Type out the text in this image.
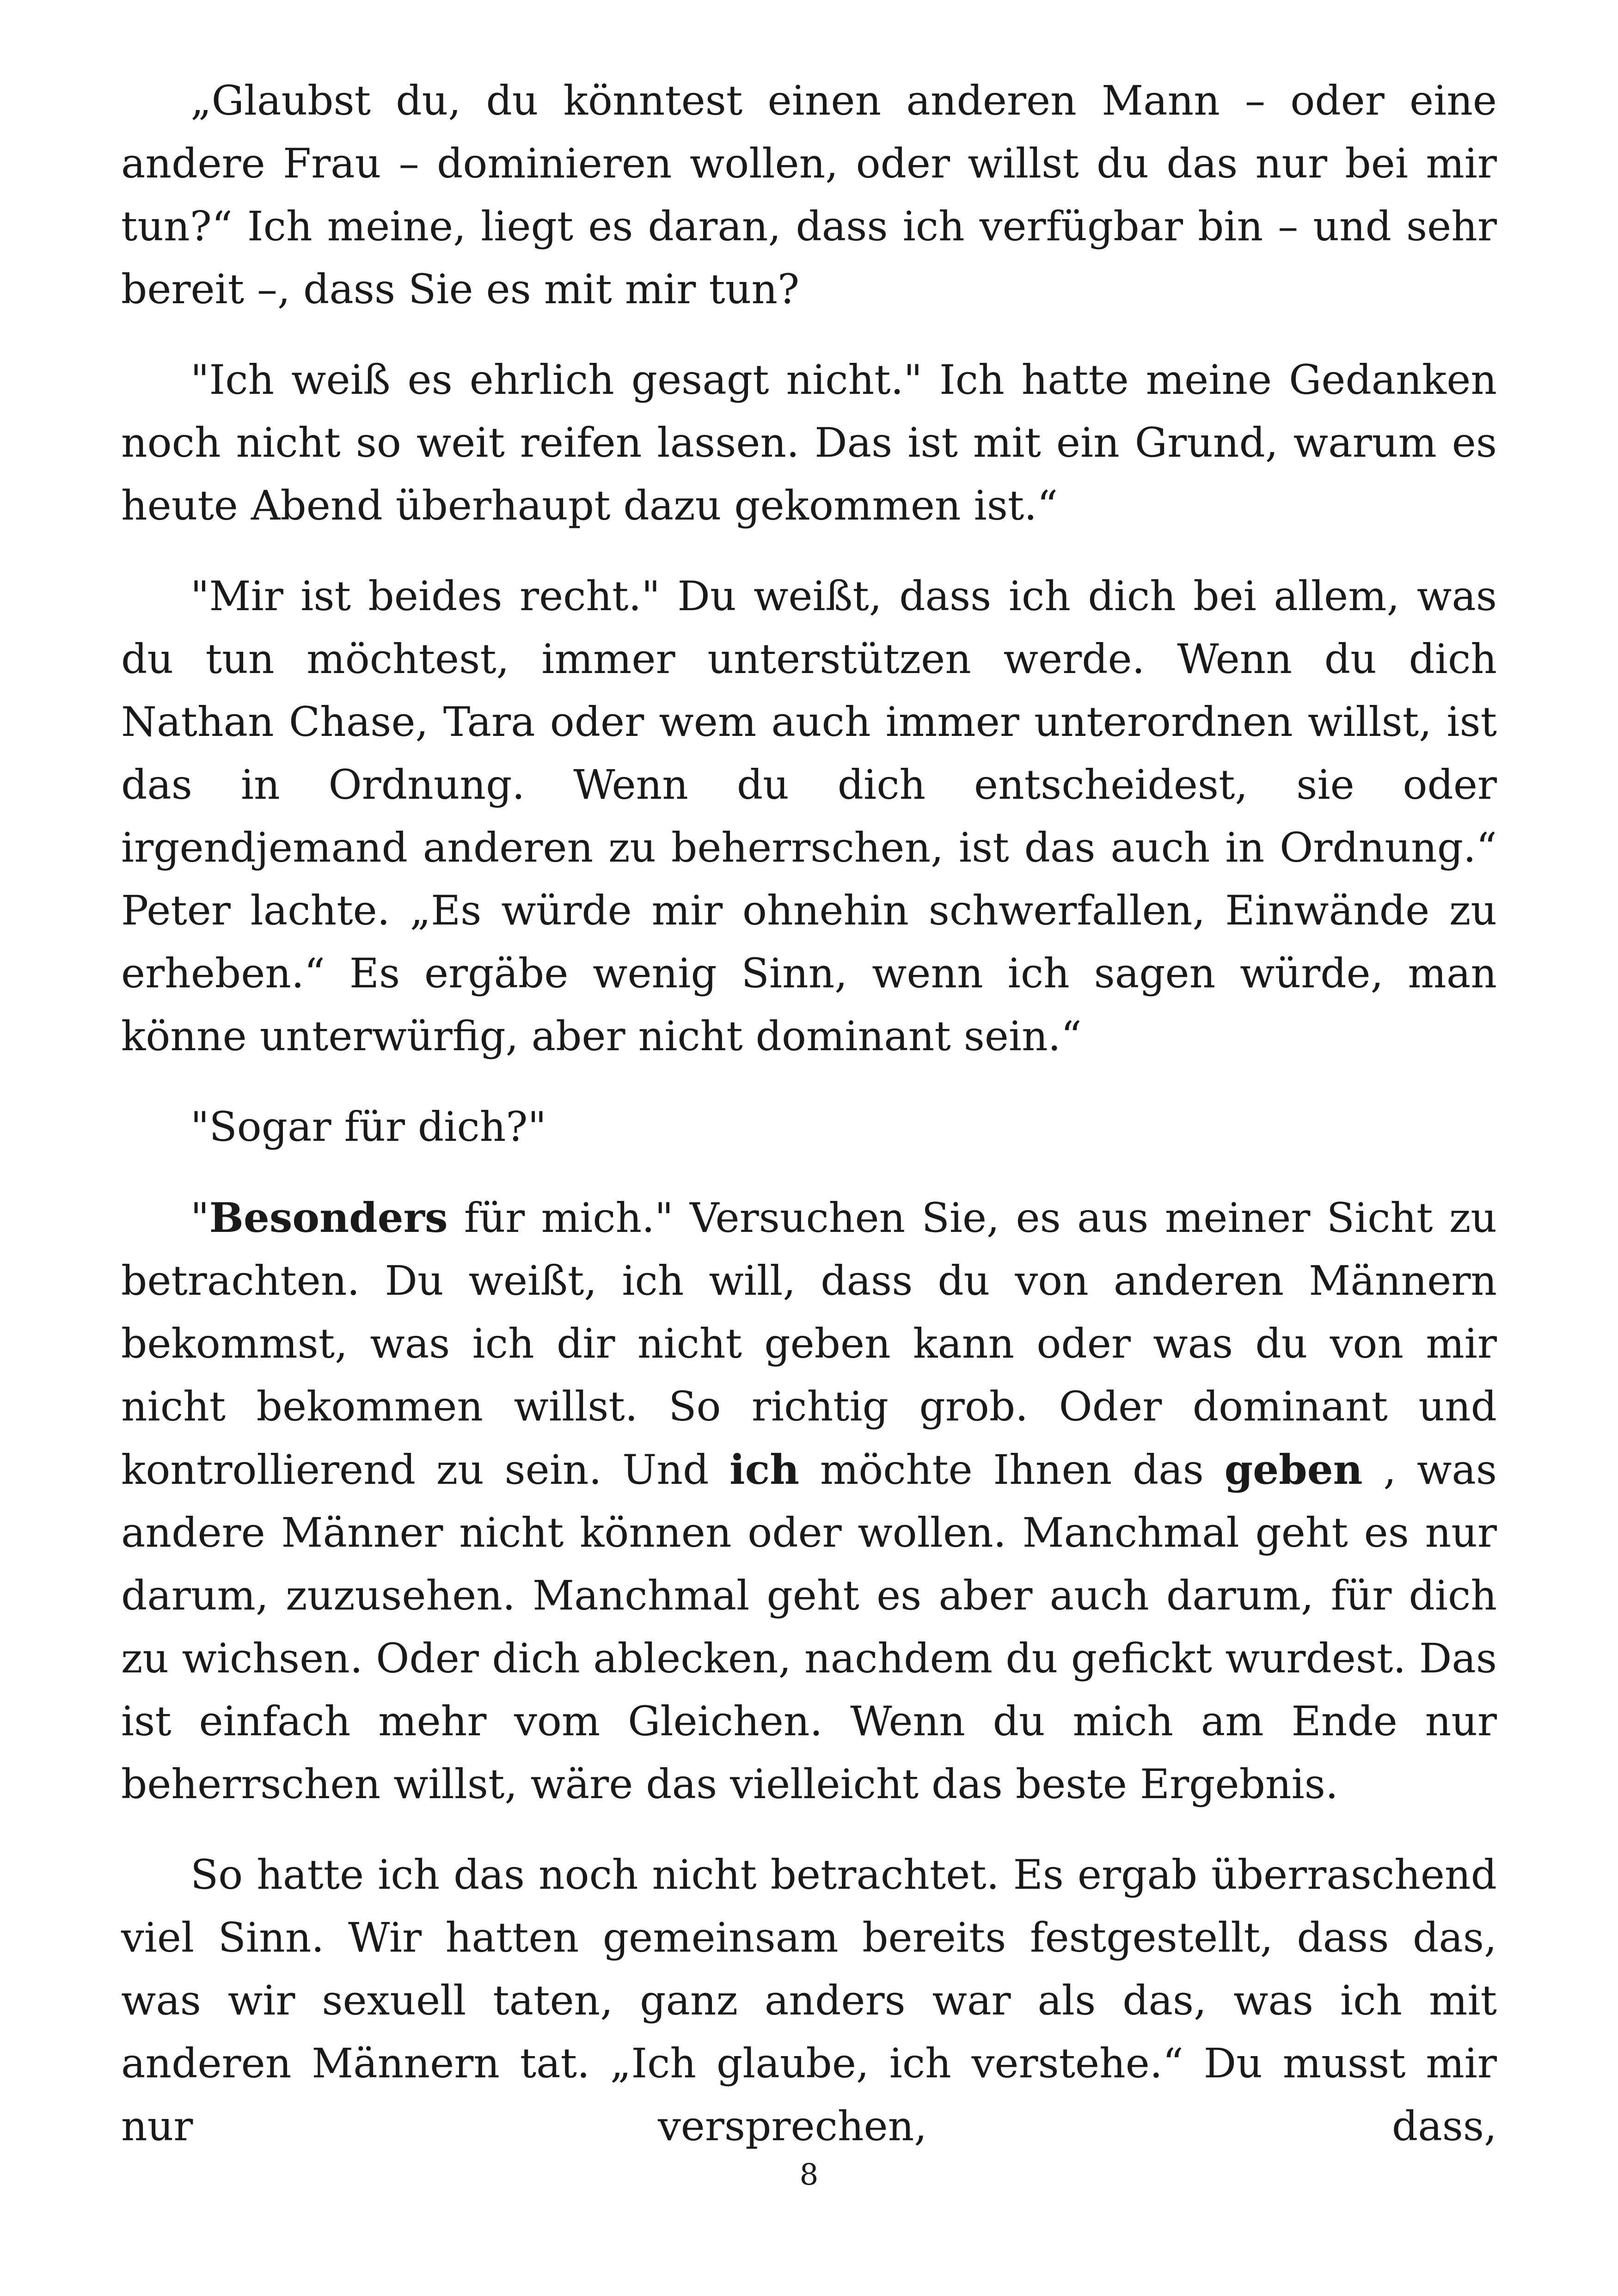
„Glaubst du, du könntest einen anderen Mann – oder eine andere Frau – dominieren wollen, oder willst du das nur bei mir tun?“ Ich meine, liegt es daran, dass ich verfügbar bin – und sehr bereit –, dass Sie es mit mir tun?

"Ich weiß es ehrlich gesagt nicht." Ich hatte meine Gedanken noch nicht so weit reifen lassen. Das ist mit ein Grund, warum es heute Abend überhaupt dazu gekommen ist.“

"Mir ist beides recht." Du weißt, dass ich dich bei allem, was du tun möchtest, immer unterstützen werde. Wenn du dich Nathan Chase, Tara oder wem auch immer unterordnen willst, ist das in Ordnung. Wenn du dich entscheidest, sie oder irgendjemand anderen zu beherrschen, ist das auch in Ordnung.“ Peter lachte. „Es würde mir ohnehin schwerfallen, Einwände zu erheben.“ Es ergäbe wenig Sinn, wenn ich sagen würde, man könne unterwürfig, aber nicht dominant sein.“

"Sogar für dich?"

"Besonders für mich." Versuchen Sie, es aus meiner Sicht zu betrachten. Du weißt, ich will, dass du von anderen Männern bekommst, was ich dir nicht geben kann oder was du von mir nicht bekommen willst. So richtig grob. Oder dominant und kontrollierend zu sein. Und ich möchte Ihnen das geben , was andere Männer nicht können oder wollen. Manchmal geht es nur darum, zuzusehen. Manchmal geht es aber auch darum, für dich zu wichsen. Oder dich ablecken, nachdem du gefickt wurdest. Das ist einfach mehr vom Gleichen. Wenn du mich am Ende nur beherrschen willst, wäre das vielleicht das beste Ergebnis.

So hatte ich das noch nicht betrachtet. Es ergab überraschend viel Sinn. Wir hatten gemeinsam bereits festgestellt, dass das, was wir sexuell taten, ganz anders war als das, was ich mit anderen Männern tat. „Ich glaube, ich verstehe.“ Du musst mir nur versprechen, dass,

8
